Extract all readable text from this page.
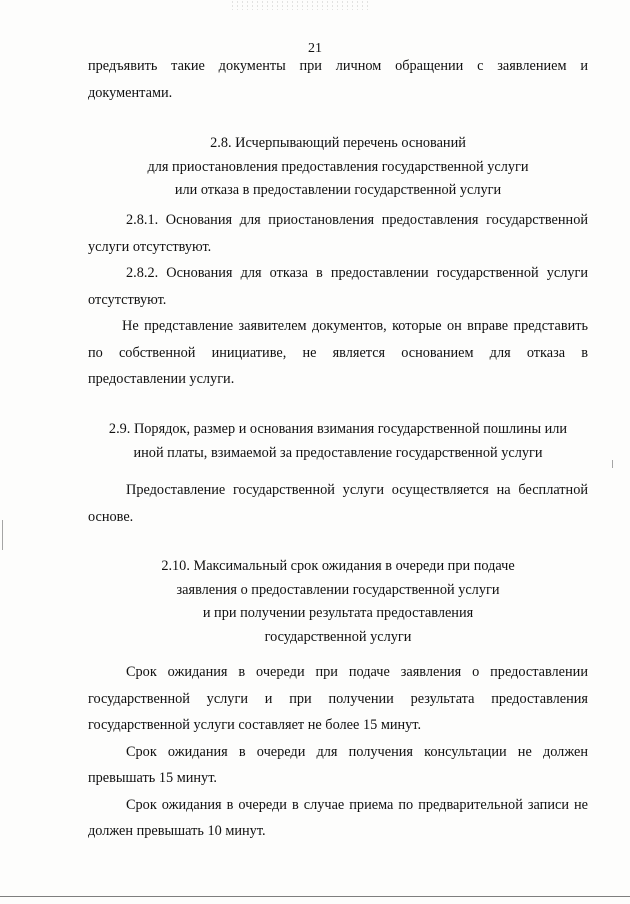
21

предъявить такие документы при личном обращении с заявлением и документами.

2.8. Исчерпывающий перечень оснований
для приостановления предоставления государственной услуги
или отказа в предоставлении государственной услуги

2.8.1. Основания для приостановления предоставления государственной услуги отсутствуют.

2.8.2. Основания для отказа в предоставлении государственной услуги отсутствуют.

Не представление заявителем документов, которые он вправе представить по собственной инициативе, не является основанием для отказа в предоставлении услуги.

2.9. Порядок, размер и основания взимания государственной пошлины или
иной платы, взимаемой за предоставление государственной услуги

Предоставление государственной услуги осуществляется на бесплатной основе.

2.10. Максимальный срок ожидания в очереди при подаче
заявления о предоставлении государственной услуги
и при получении результата предоставления
государственной услуги

Срок ожидания в очереди при подаче заявления о предоставлении государственной услуги и при получении результата предоставления государственной услуги составляет не более 15 минут.

Срок ожидания в очереди для получения консультации не должен превышать 15 минут.

Срок ожидания в очереди в случае приема по предварительной записи не должен превышать 10 минут.
